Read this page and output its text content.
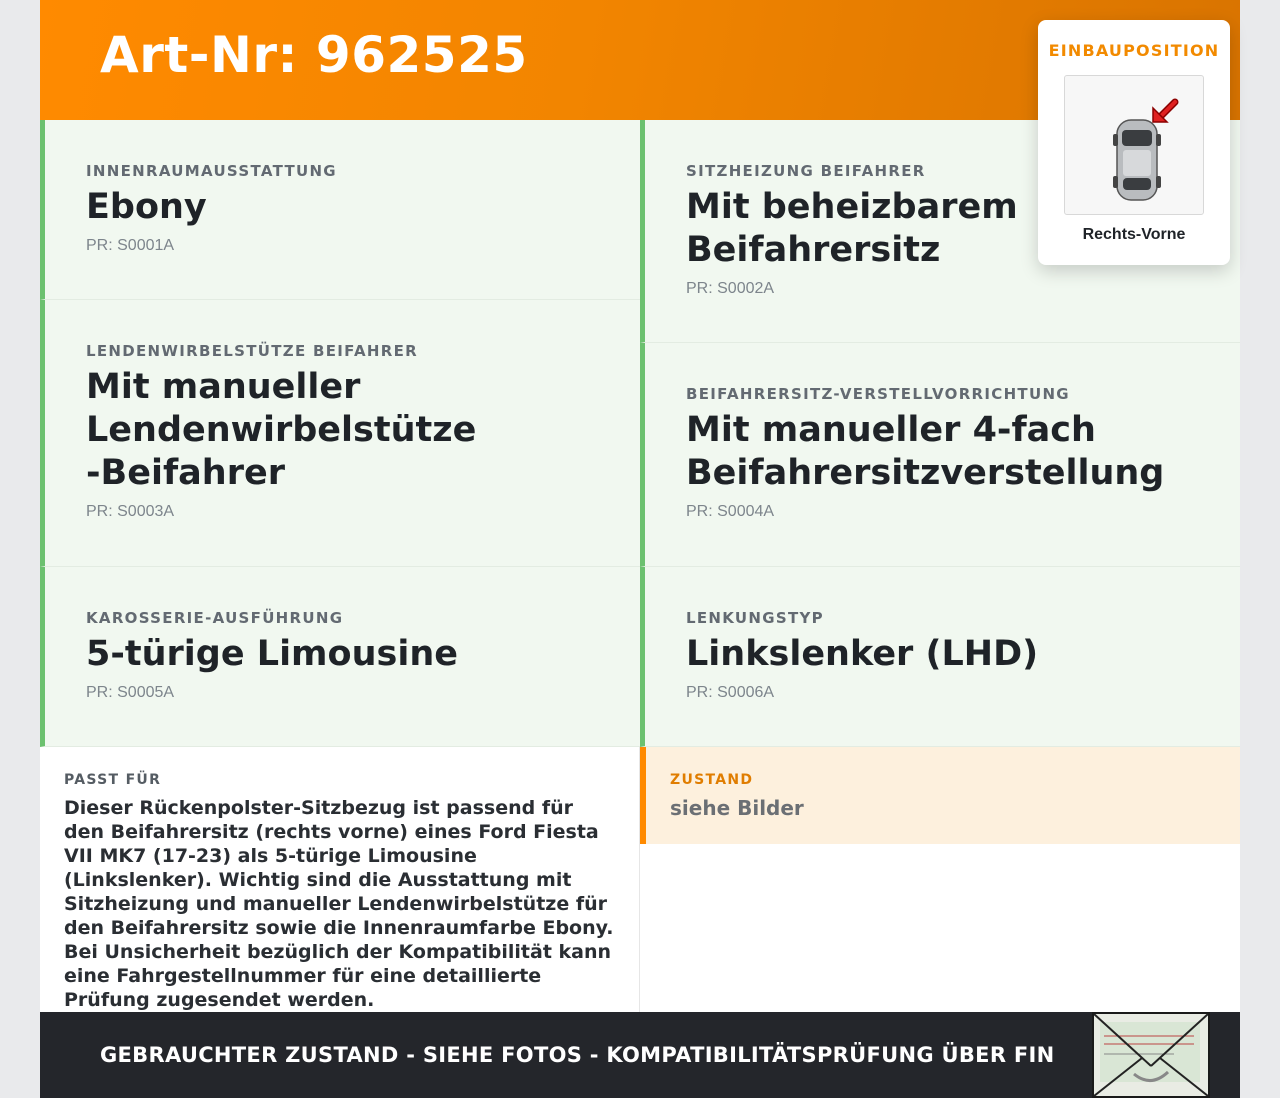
Art-Nr: 962525
INNENRAUMAUSSTATTUNG
Ebony
PR: S0001A
SITZHEIZUNG BEIFAHRER
Mit beheizbarem Beifahrersitz
PR: S0002A
LENDENWIRBELSTÜTZE BEIFAHRER
Mit manueller Lendenwirbelstütze-Beifahrer
PR: S0003A
BEIFAHRERSITZ-VERSTELLVORRICHTUNG
Mit manueller 4-fach Beifahrersitzverstellung
PR: S0004A
KAROSSERIE-AUSFÜHRUNG
5-türige Limousine
PR: S0005A
LENKUNGSTYP
Linkslenker (LHD)
PR: S0006A
PASST FÜR
Dieser Rückenpolster-Sitzbezug ist passend für den Beifahrersitz (rechts vorne) eines Ford Fiesta VII MK7 (17-23) als 5-türige Limousine (Linkslenker). Wichtig sind die Ausstattung mit Sitzheizung und manueller Lendenwirbelstütze für den Beifahrersitz sowie die Innenraumfarbe Ebony. Bei Unsicherheit bezüglich der Kompatibilität kann eine Fahrgestellnummer für eine detaillierte Prüfung zugesendet werden.
ZUSTAND
siehe Bilder
GEBRAUCHTER ZUSTAND - SIEHE FOTOS - KOMPATIBILITÄTSPRÜFUNG ÜBER FIN
EINBAUPOSITION
Rechts-Vorne
